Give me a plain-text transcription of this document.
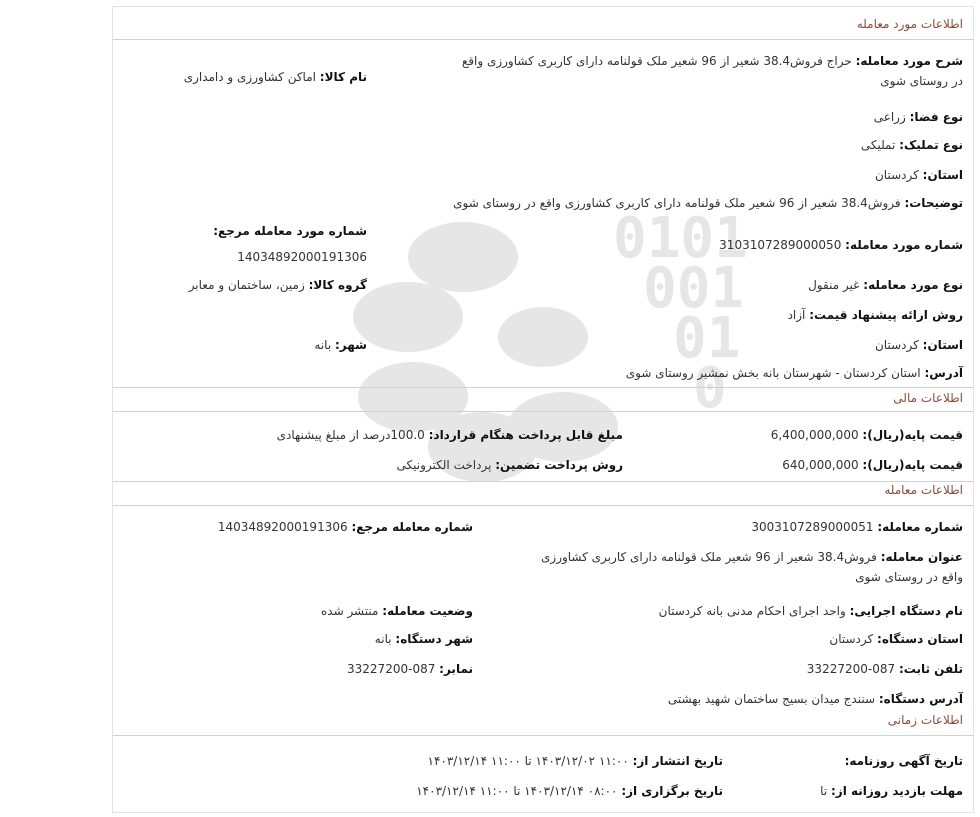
0101
001
01
0
اطلاعات مورد معامله
شرح مورد معامله: حراج فروش38.4 شعیر از 96 شعیر ملک قولنامه دارای کاربری کشاورزی واقع در روستای شوی
نام کالا: اماکن کشاورزی و دامداری
نوع فضا: زراعی
نوع تملیک: تملیکی
استان: کردستان
توضیحات: فروش38.4 شعیر از 96 شعیر ملک قولنامه دارای کاربری کشاورزی واقع در روستای شوی
شماره مورد معامله مرجع:
14034892000191306
شماره مورد معامله: 3103107289000050
نوع مورد معامله: غیر منقول
گروه کالا: زمین، ساختمان و معابر
روش ارائه پیشنهاد قیمت: آزاد
استان: کردستان
شهر: بانه
آدرس: استان کردستان - شهرستان بانه بخش نمشیر روستای شوی
اطلاعات مالی
قیمت پایه(ریال): 6,400,000,000
مبلغ قابل پرداخت هنگام قرارداد: 100.0درصد از مبلغ پیشنهادی
قیمت پایه(ریال): 640,000,000
روش پرداخت تضمین: پرداخت الکترونیکی
اطلاعات معامله
شماره معامله: 3003107289000051
شماره معامله مرجع: 14034892000191306
عنوان معامله: فروش38.4 شعیر از 96 شعیر ملک قولنامه دارای کاربری کشاورزی واقع در روستای شوی
نام دستگاه اجرایی: واحد اجرای احکام مدنی بانه کردستان
وضعیت معامله: منتشر شده
استان دستگاه: کردستان
شهر دستگاه: بانه
تلفن ثابت: 087-33227200
نمابر: 087-33227200
آدرس دستگاه: سنندج میدان بسیج ساختمان شهید بهشتی
اطلاعات زمانی
تاریخ آگهی روزنامه:
تاریخ انتشار از: ۱۱:۰۰ ۱۴۰۳/۱۲/۰۲ تا ۱۱:۰۰ ۱۴۰۳/۱۲/۱۴
مهلت بازدید روزانه از: تا
تاریخ برگزاری از: ۰۸:۰۰ ۱۴۰۳/۱۲/۱۴ تا ۱۱:۰۰ ۱۴۰۳/۱۲/۱۴
